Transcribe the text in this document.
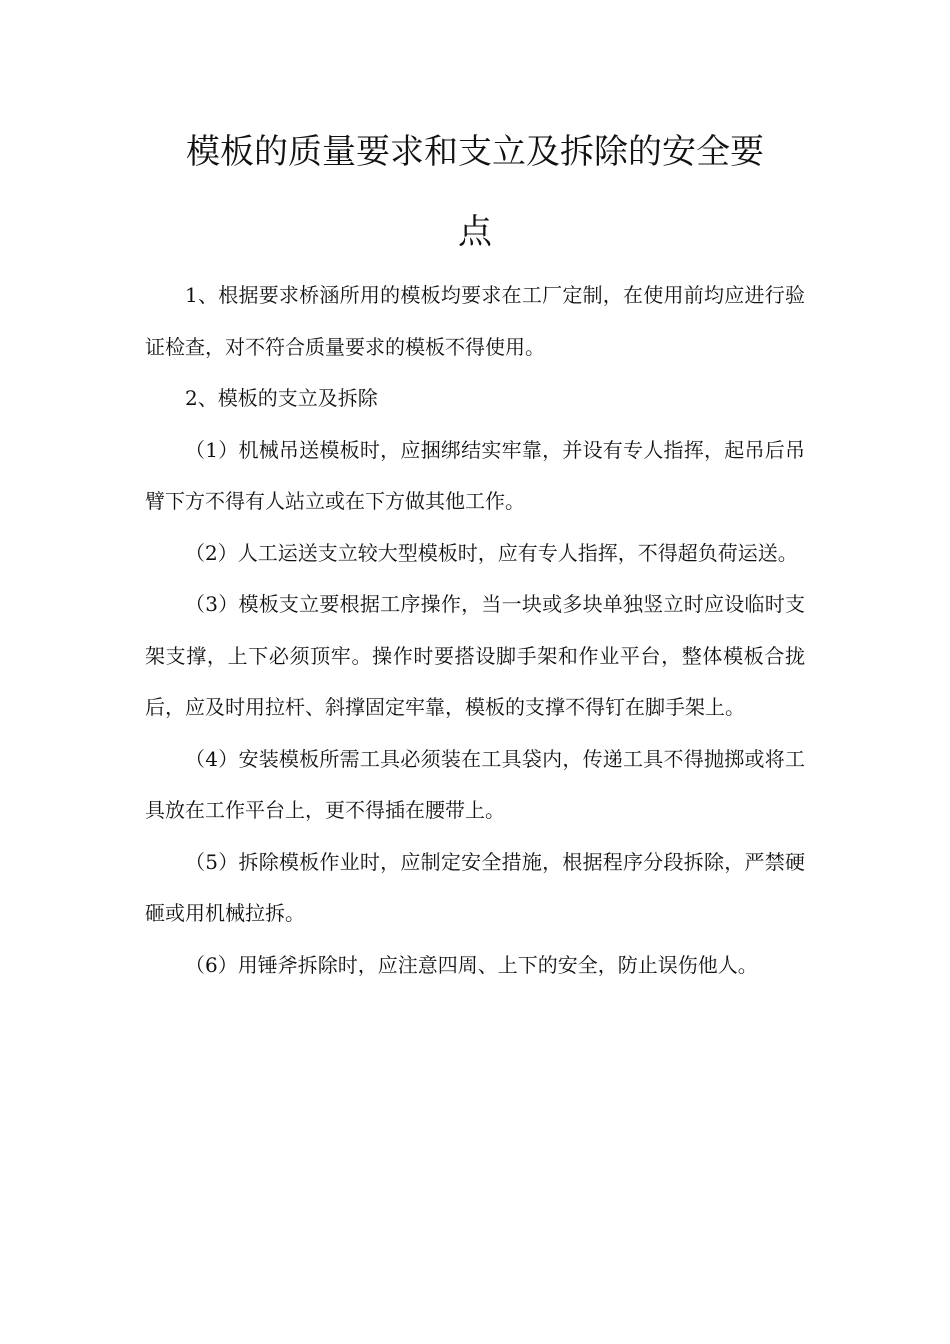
模板的质量要求和支立及拆除的安全要
点

1、根据要求桥涵所用的模板均要求在工厂定制，在使用前均应进行验证检查，对不符合质量要求的模板不得使用。

2、模板的支立及拆除

（1）机械吊送模板时，应捆绑结实牢靠，并设有专人指挥，起吊后吊臂下方不得有人站立或在下方做其他工作。

（2）人工运送支立较大型模板时，应有专人指挥，不得超负荷运送。

（3）模板支立要根据工序操作，当一块或多块单独竖立时应设临时支架支撑，上下必须顶牢。操作时要搭设脚手架和作业平台，整体模板合拢后，应及时用拉杆、斜撑固定牢靠，模板的支撑不得钉在脚手架上。

（4）安装模板所需工具必须装在工具袋内，传递工具不得抛掷或将工具放在工作平台上，更不得插在腰带上。

（5）拆除模板作业时，应制定安全措施，根据程序分段拆除，严禁硬砸或用机械拉拆。

（6）用锤斧拆除时，应注意四周、上下的安全，防止误伤他人。
